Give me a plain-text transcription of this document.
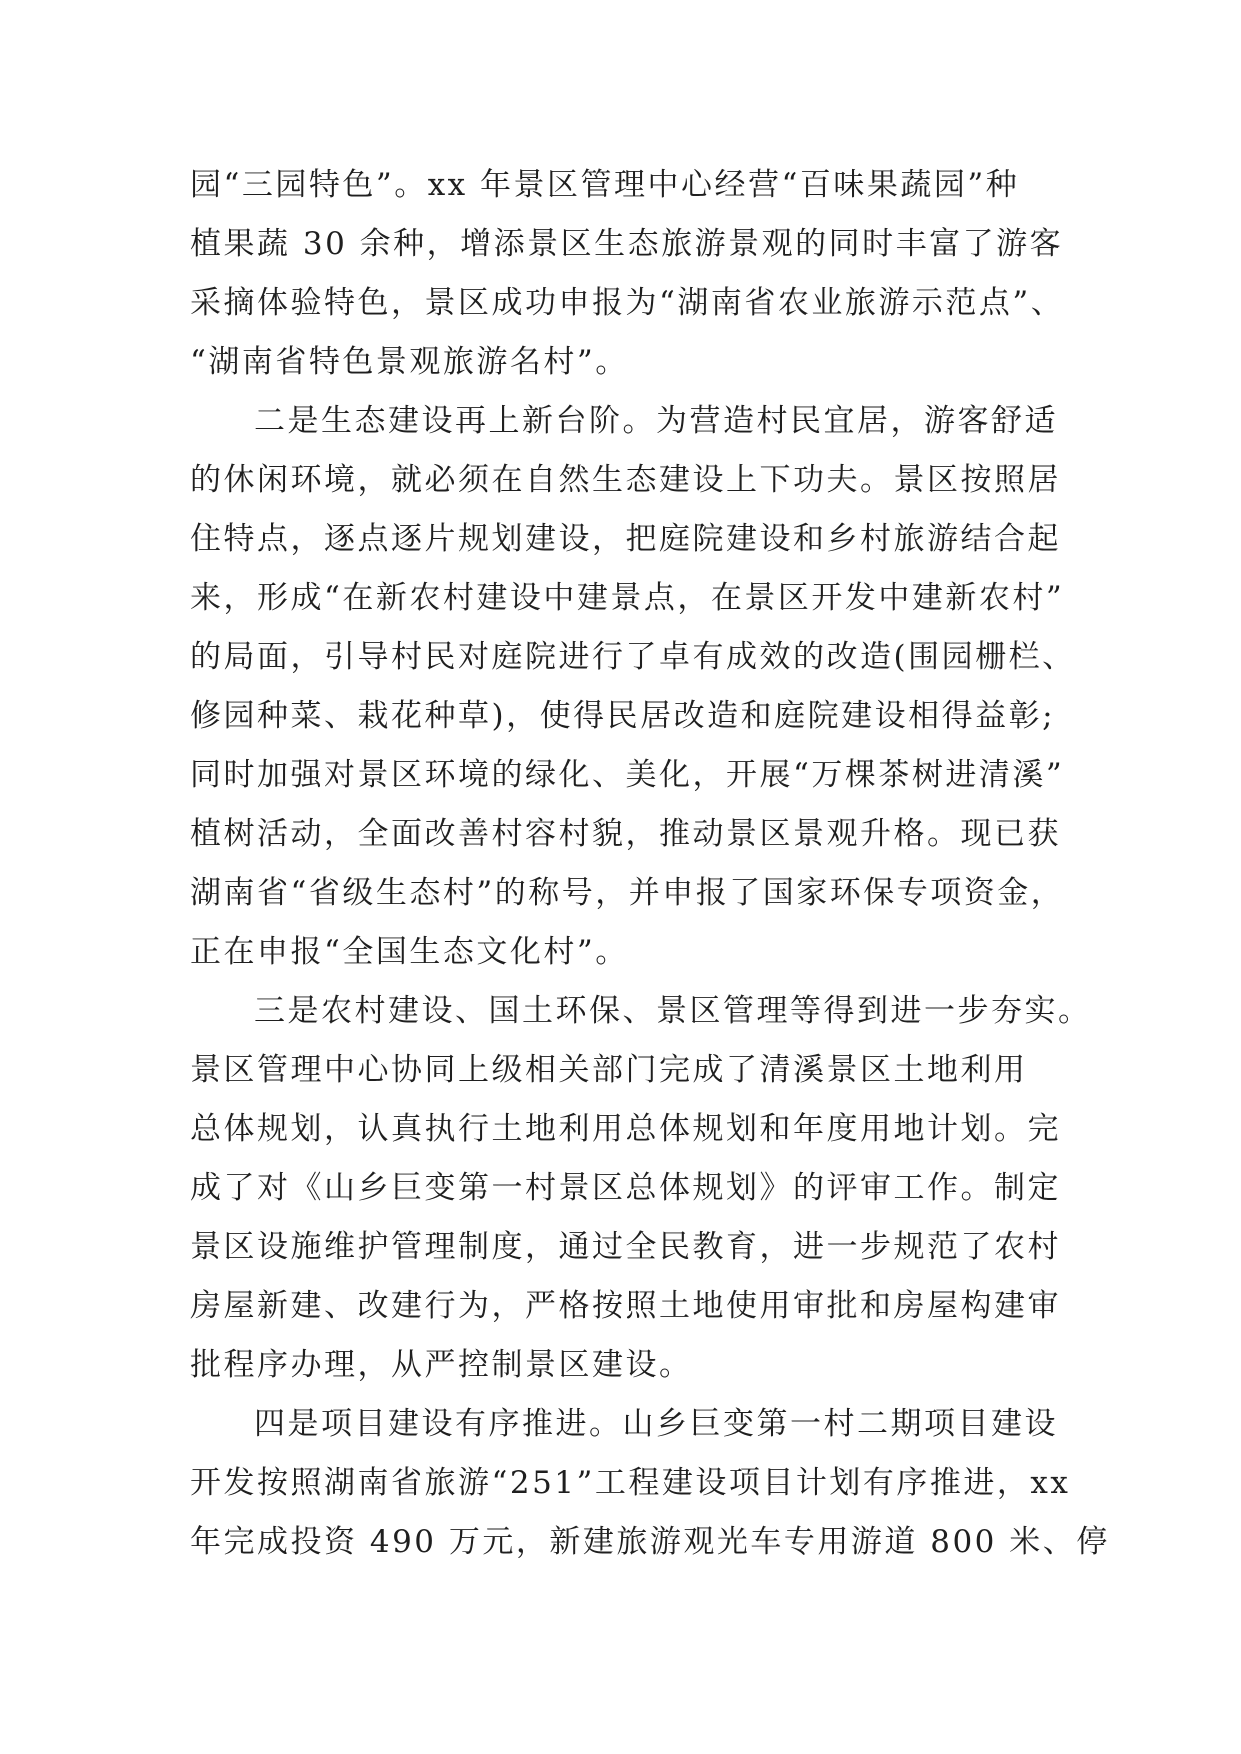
园“三园特色”。xx 年景区管理中心经营“百味果蔬园”种
植果蔬 30 余种，增添景区生态旅游景观的同时丰富了游客
采摘体验特色，景区成功申报为“湖南省农业旅游示范点”、
“湖南省特色景观旅游名村”。
二是生态建设再上新台阶。为营造村民宜居，游客舒适
的休闲环境，就必须在自然生态建设上下功夫。景区按照居
住特点，逐点逐片规划建设，把庭院建设和乡村旅游结合起
来，形成“在新农村建设中建景点，在景区开发中建新农村”
的局面，引导村民对庭院进行了卓有成效的改造(围园栅栏、
修园种菜、栽花种草)，使得民居改造和庭院建设相得益彰;
同时加强对景区环境的绿化、美化，开展“万棵茶树进清溪”
植树活动，全面改善村容村貌，推动景区景观升格。现已获
湖南省“省级生态村”的称号，并申报了国家环保专项资金，
正在申报“全国生态文化村”。
三是农村建设、国土环保、景区管理等得到进一步夯实。
景区管理中心协同上级相关部门完成了清溪景区土地利用
总体规划，认真执行土地利用总体规划和年度用地计划。完
成了对《山乡巨变第一村景区总体规划》的评审工作。制定
景区设施维护管理制度，通过全民教育，进一步规范了农村
房屋新建、改建行为，严格按照土地使用审批和房屋构建审
批程序办理，从严控制景区建设。
四是项目建设有序推进。山乡巨变第一村二期项目建设
开发按照湖南省旅游“251”工程建设项目计划有序推进，xx
年完成投资 490 万元，新建旅游观光车专用游道 800 米、停
